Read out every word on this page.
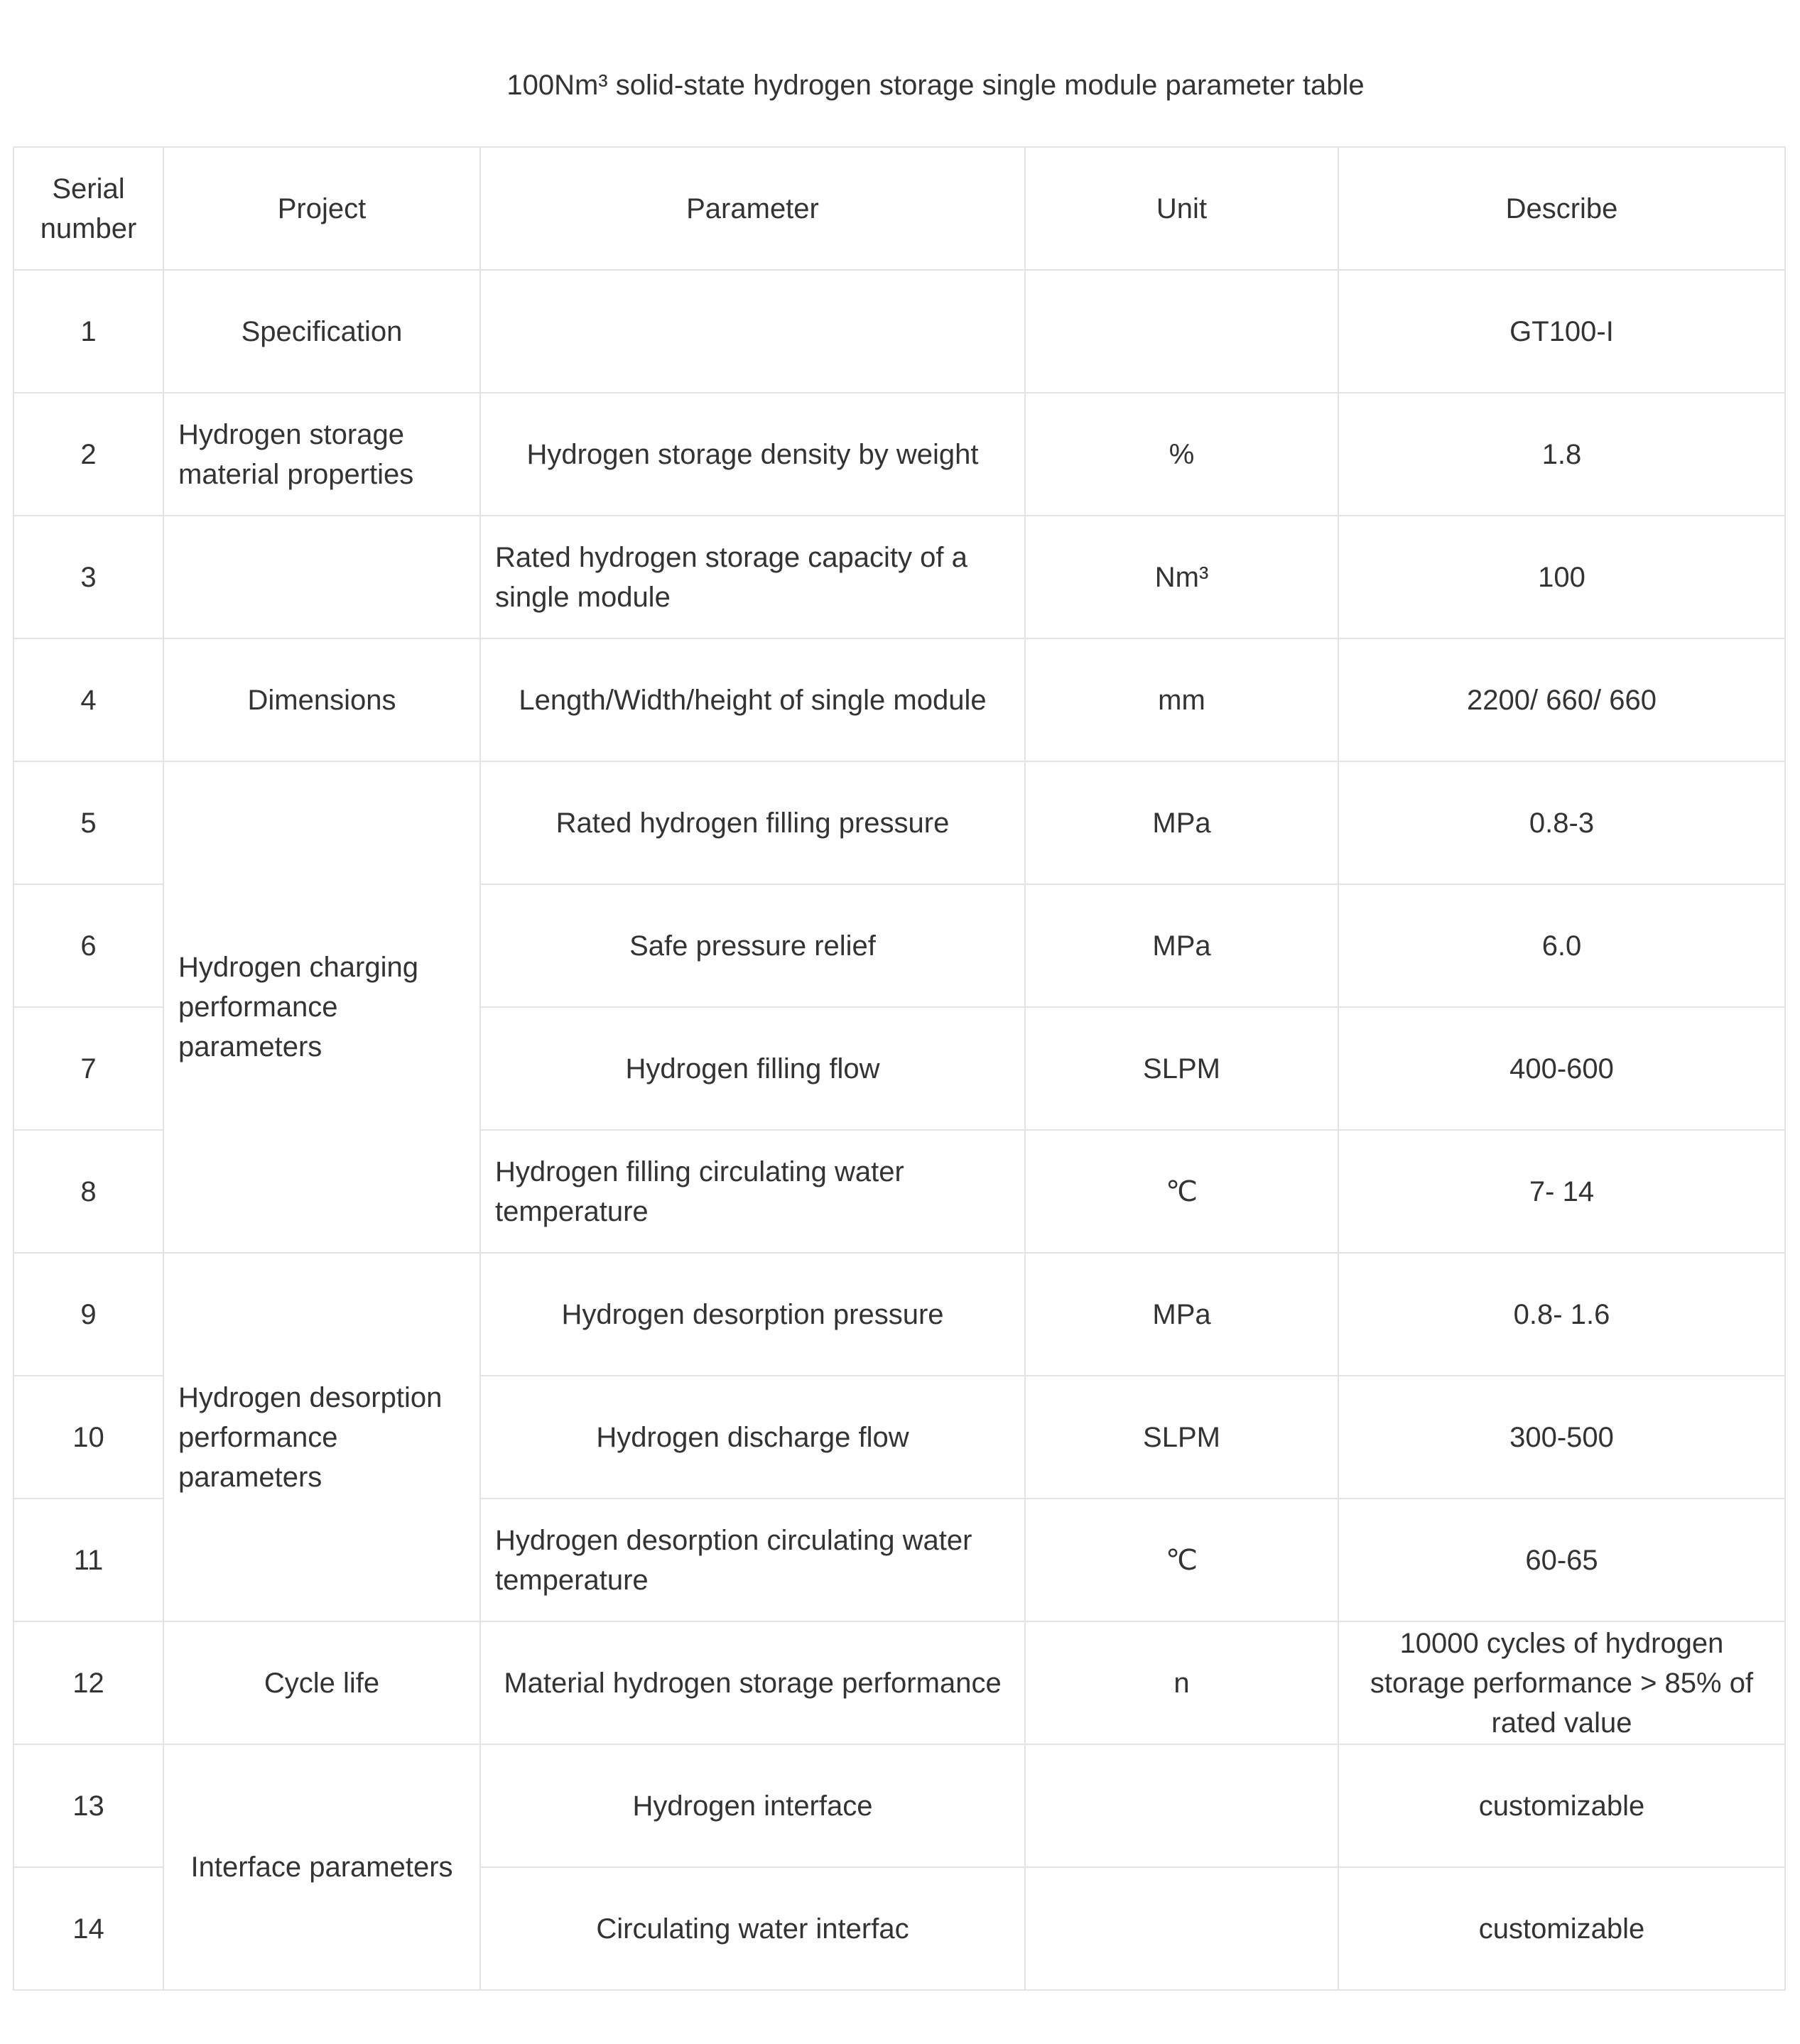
100Nm³ solid-state hydrogen storage single module parameter table
Serial number	Project	Parameter	Unit	Describe
1	Specification			GT100-I
2	Hydrogen storage material properties	Hydrogen storage density by weight	%	1.8
3		Rated hydrogen storage capacity of a single module	Nm³	100
4	Dimensions	Length/Width/height of single module	mm	2200/ 660/ 660
5	Hydrogen charging performance parameters	Rated hydrogen filling pressure	MPa	0.8-3
6		Safe pressure relief	MPa	6.0
7		Hydrogen filling flow	SLPM	400-600
8		Hydrogen filling circulating water temperature	℃	7- 14
9	Hydrogen desorption performance parameters	Hydrogen desorption pressure	MPa	0.8- 1.6
10		Hydrogen discharge flow	SLPM	300-500
11		Hydrogen desorption circulating water temperature	℃	60-65
12	Cycle life	Material hydrogen storage performance	n	10000 cycles of hydrogen storage performance > 85% of rated value
13	Interface parameters	Hydrogen interface		customizable
14		Circulating water interfac		customizable
